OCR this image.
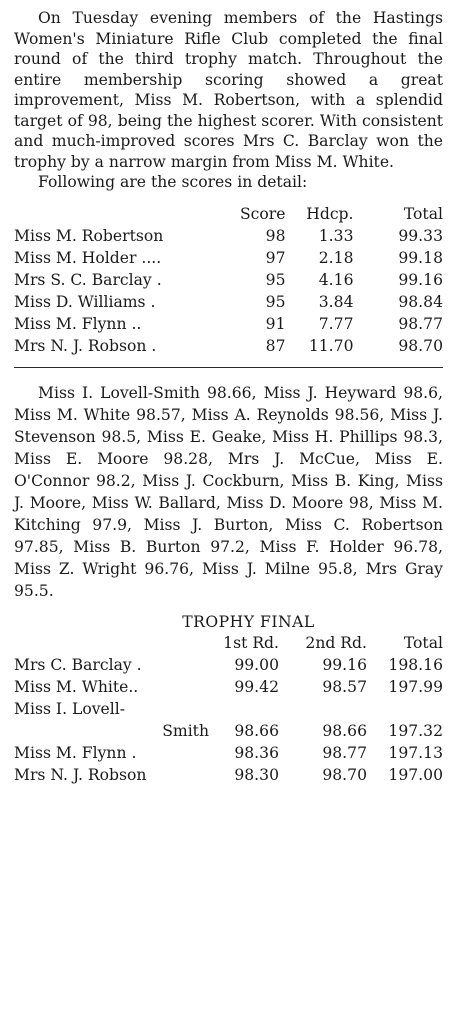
On Tuesday evening members of the Hastings Women's Miniature Rifle Club completed the final round of the third trophy match. Throughout the entire membership scoring showed a great improvement, Miss M. Robertson, with a splendid target of 98, being the highest scorer. With consistent and much-improved scores Mrs C. Barclay won the trophy by a narrow margin from Miss M. White.

Following are the scores in detail:

	Score	Hdcp.	Total
Miss M. Robertson	98	1.33	99.33
Miss M. Holder ....	97	2.18	99.18
Mrs S. C. Barclay .	95	4.16	99.16
Miss D. Williams .	95	3.84	98.84
Miss M. Flynn ..	91	7.77	98.77
Mrs N. J. Robson .	87	11.70	98.70

Miss I. Lovell-Smith 98.66, Miss J. Heyward 98.6, Miss M. White 98.57, Miss A. Reynolds 98.56, Miss J. Stevenson 98.5, Miss E. Geake, Miss H. Phillips 98.3, Miss E. Moore 98.28, Mrs J. McCue, Miss E. O'Connor 98.2, Miss J. Cockburn, Miss B. King, Miss J. Moore, Miss W. Ballard, Miss D. Moore 98, Miss M. Kitching 97.9, Miss J. Burton, Miss C. Robertson 97.85, Miss B. Burton 97.2, Miss F. Holder 96.78, Miss Z. Wright 96.76, Miss J. Milne 95.8, Mrs Gray 95.5.

TROPHY FINAL

	1st Rd.	2nd Rd.	Total
Mrs C. Barclay .	99.00	99.16	198.16
Miss M. White..	99.42	98.57	197.99
Miss I. Lovell-			
Smith	98.66	98.66	197.32
Miss M. Flynn .	98.36	98.77	197.13
Mrs N. J. Robson	98.30	98.70	197.00
